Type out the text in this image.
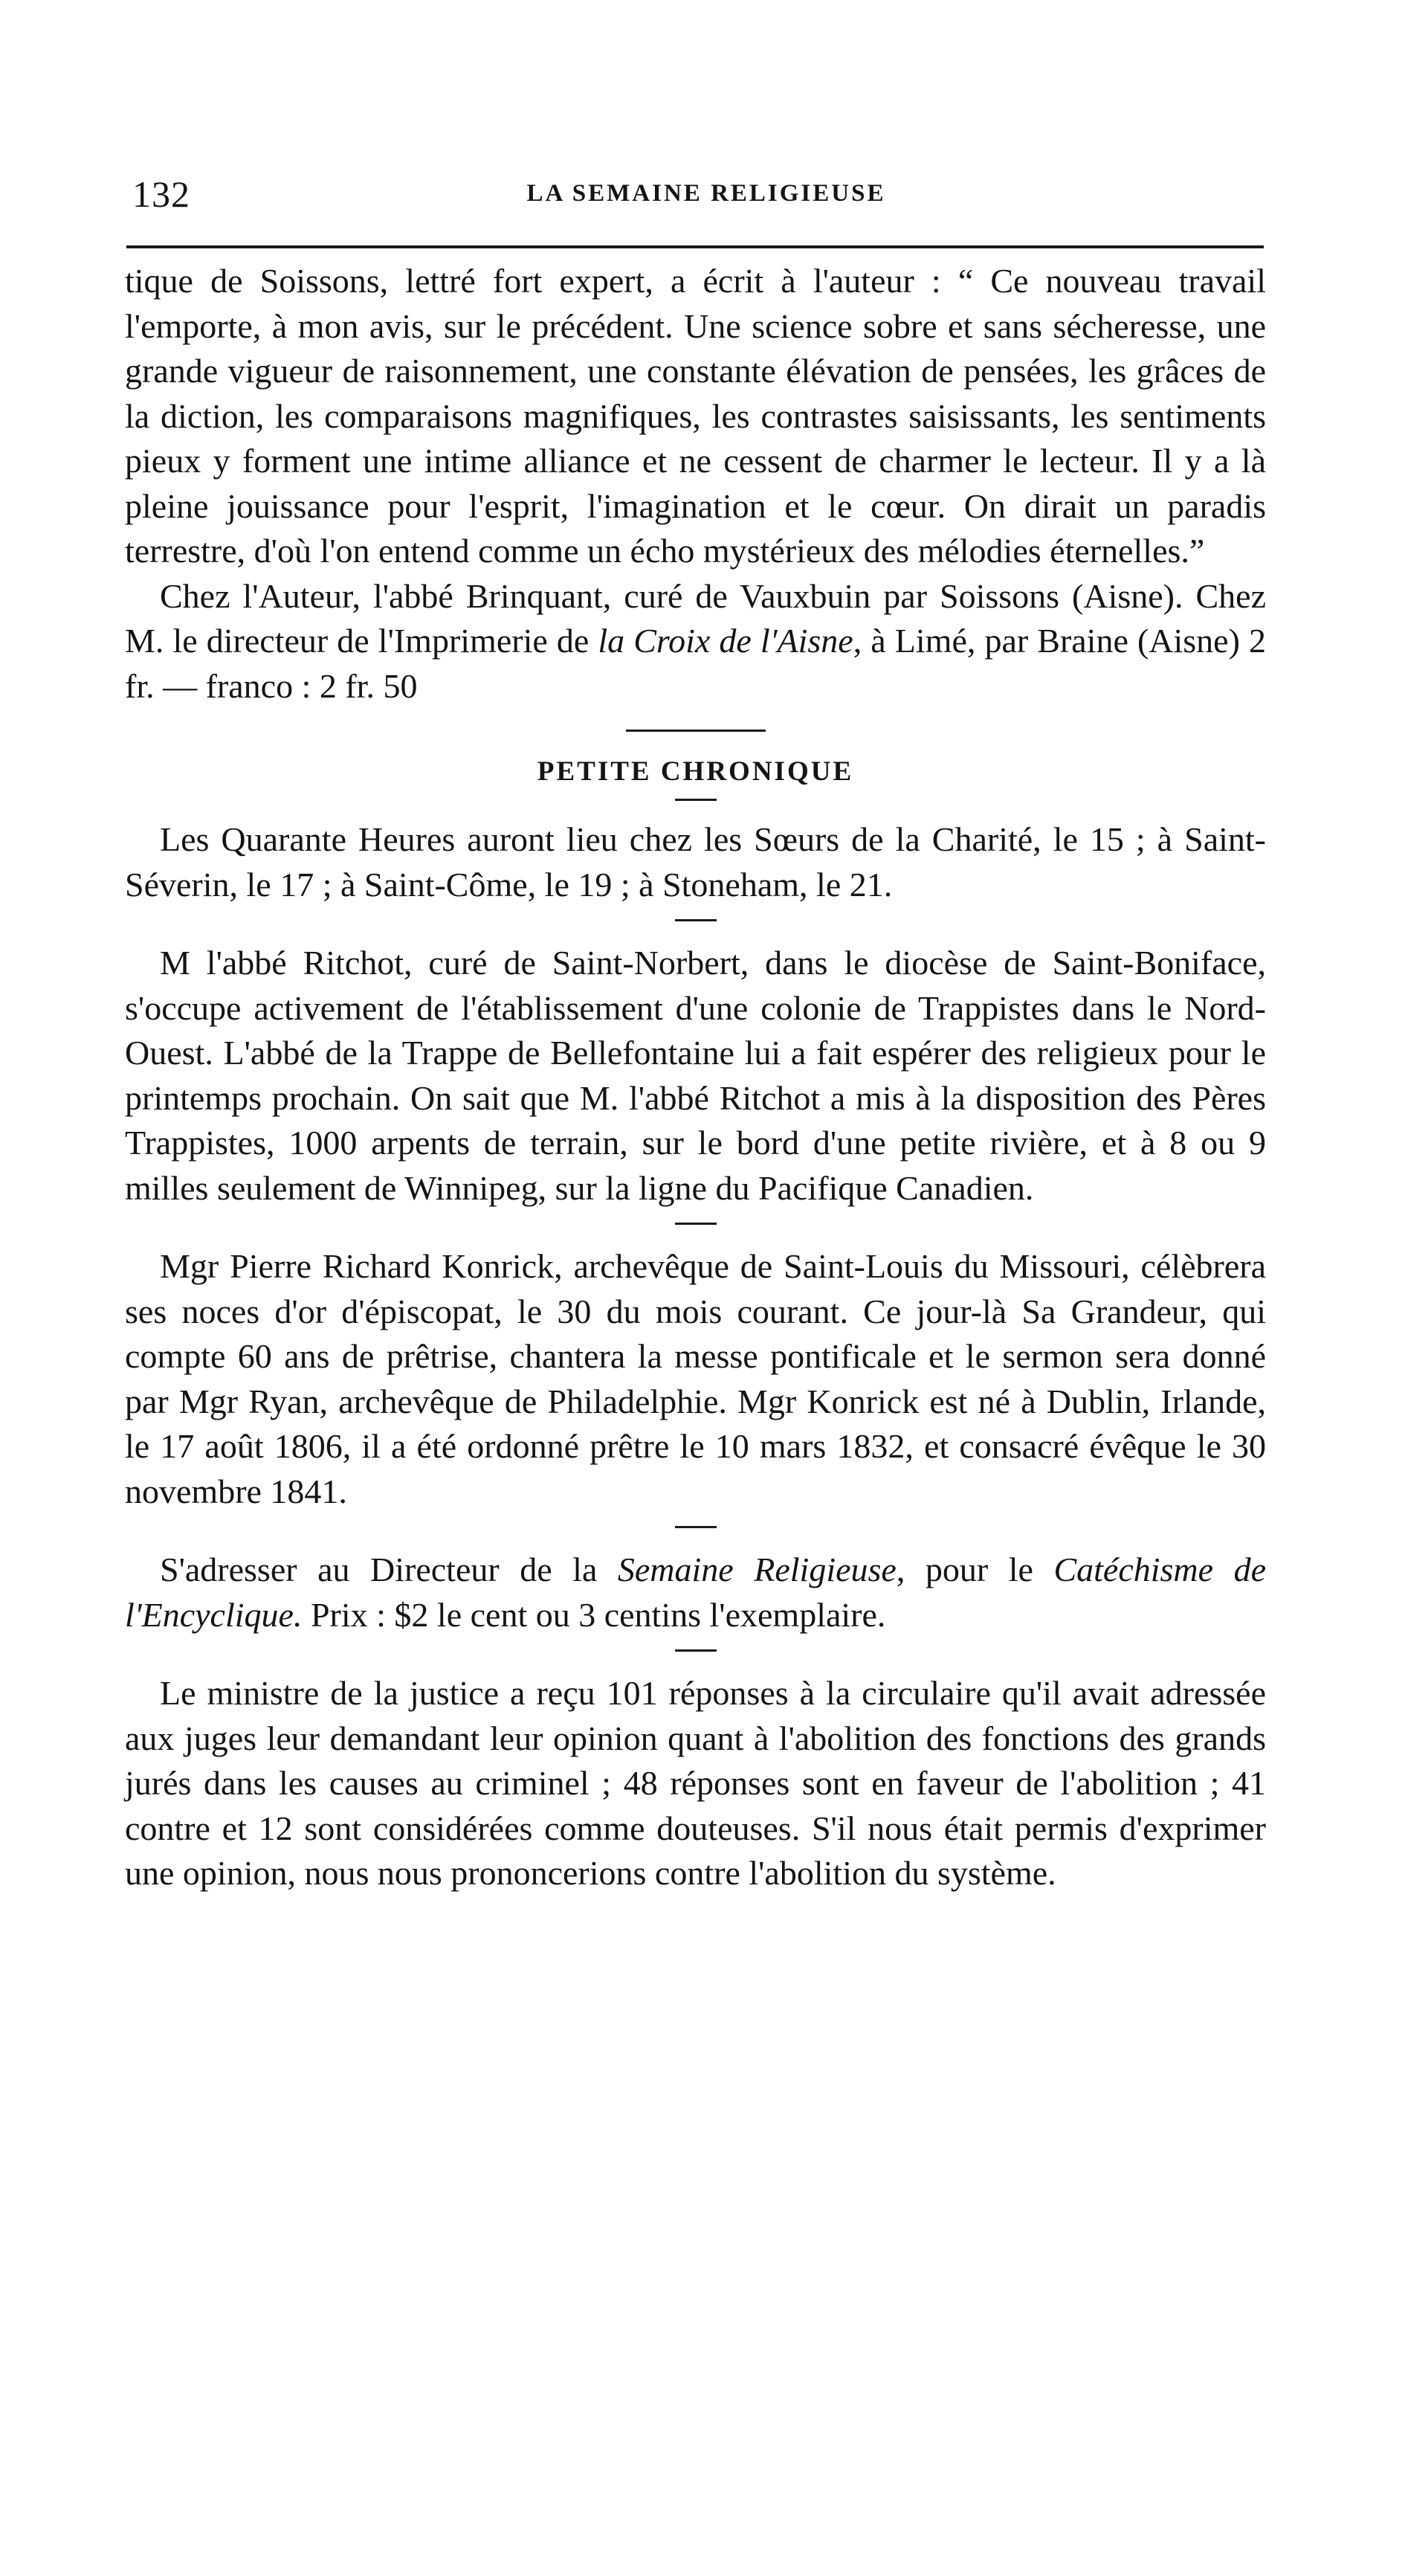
132	LA SEMAINE RELIGIEUSE

tique de Soissons, lettré fort expert, a écrit à l'auteur : “ Ce nouveau travail l'emporte, à mon avis, sur le précédent. Une science sobre et sans sécheresse, une grande vigueur de raisonnement, une constante élévation de pensées, les grâces de la diction, les comparaisons magnifiques, les contrastes saisissants, les sentiments pieux y forment une intime alliance et ne cessent de charmer le lecteur. Il y a là pleine jouissance pour l'esprit, l'imagination et le cœur. On dirait un paradis terrestre, d'où l'on entend comme un écho mystérieux des mélodies éternelles.”

Chez l'Auteur, l'abbé Brinquant, curé de Vauxbuin par Soissons (Aisne). Chez M. le directeur de l'Imprimerie de la Croix de l'Aisne, à Limé, par Braine (Aisne) 2 fr. — franco : 2 fr. 50

PETITE CHRONIQUE

Les Quarante Heures auront lieu chez les Sœurs de la Charité, le 15 ; à Saint-Séverin, le 17 ; à Saint-Côme, le 19 ; à Stoneham, le 21.

M l'abbé Ritchot, curé de Saint-Norbert, dans le diocèse de Saint-Boniface, s'occupe activement de l'établissement d'une colonie de Trappistes dans le Nord-Ouest. L'abbé de la Trappe de Bellefontaine lui a fait espérer des religieux pour le printemps prochain. On sait que M. l'abbé Ritchot a mis à la disposition des Pères Trappistes, 1000 arpents de terrain, sur le bord d'une petite rivière, et à 8 ou 9 milles seulement de Winnipeg, sur la ligne du Pacifique Canadien.

Mgr Pierre Richard Konrick, archevêque de Saint-Louis du Missouri, célèbrera ses noces d'or d'épiscopat, le 30 du mois courant. Ce jour-là Sa Grandeur, qui compte 60 ans de prêtrise, chantera la messe pontificale et le sermon sera donné par Mgr Ryan, archevêque de Philadelphie. Mgr Konrick est né à Dublin, Irlande, le 17 août 1806, il a été ordonné prêtre le 10 mars 1832, et consacré évêque le 30 novembre 1841.

S'adresser au Directeur de la Semaine Religieuse, pour le Catéchisme de l'Encyclique. Prix : $2 le cent ou 3 centins l'exemplaire.

Le ministre de la justice a reçu 101 réponses à la circulaire qu'il avait adressée aux juges leur demandant leur opinion quant à l'abolition des fonctions des grands jurés dans les causes au criminel ; 48 réponses sont en faveur de l'abolition ; 41 contre et 12 sont considérées comme douteuses. S'il nous était permis d'exprimer une opinion, nous nous prononcerions contre l'abolition du système.
